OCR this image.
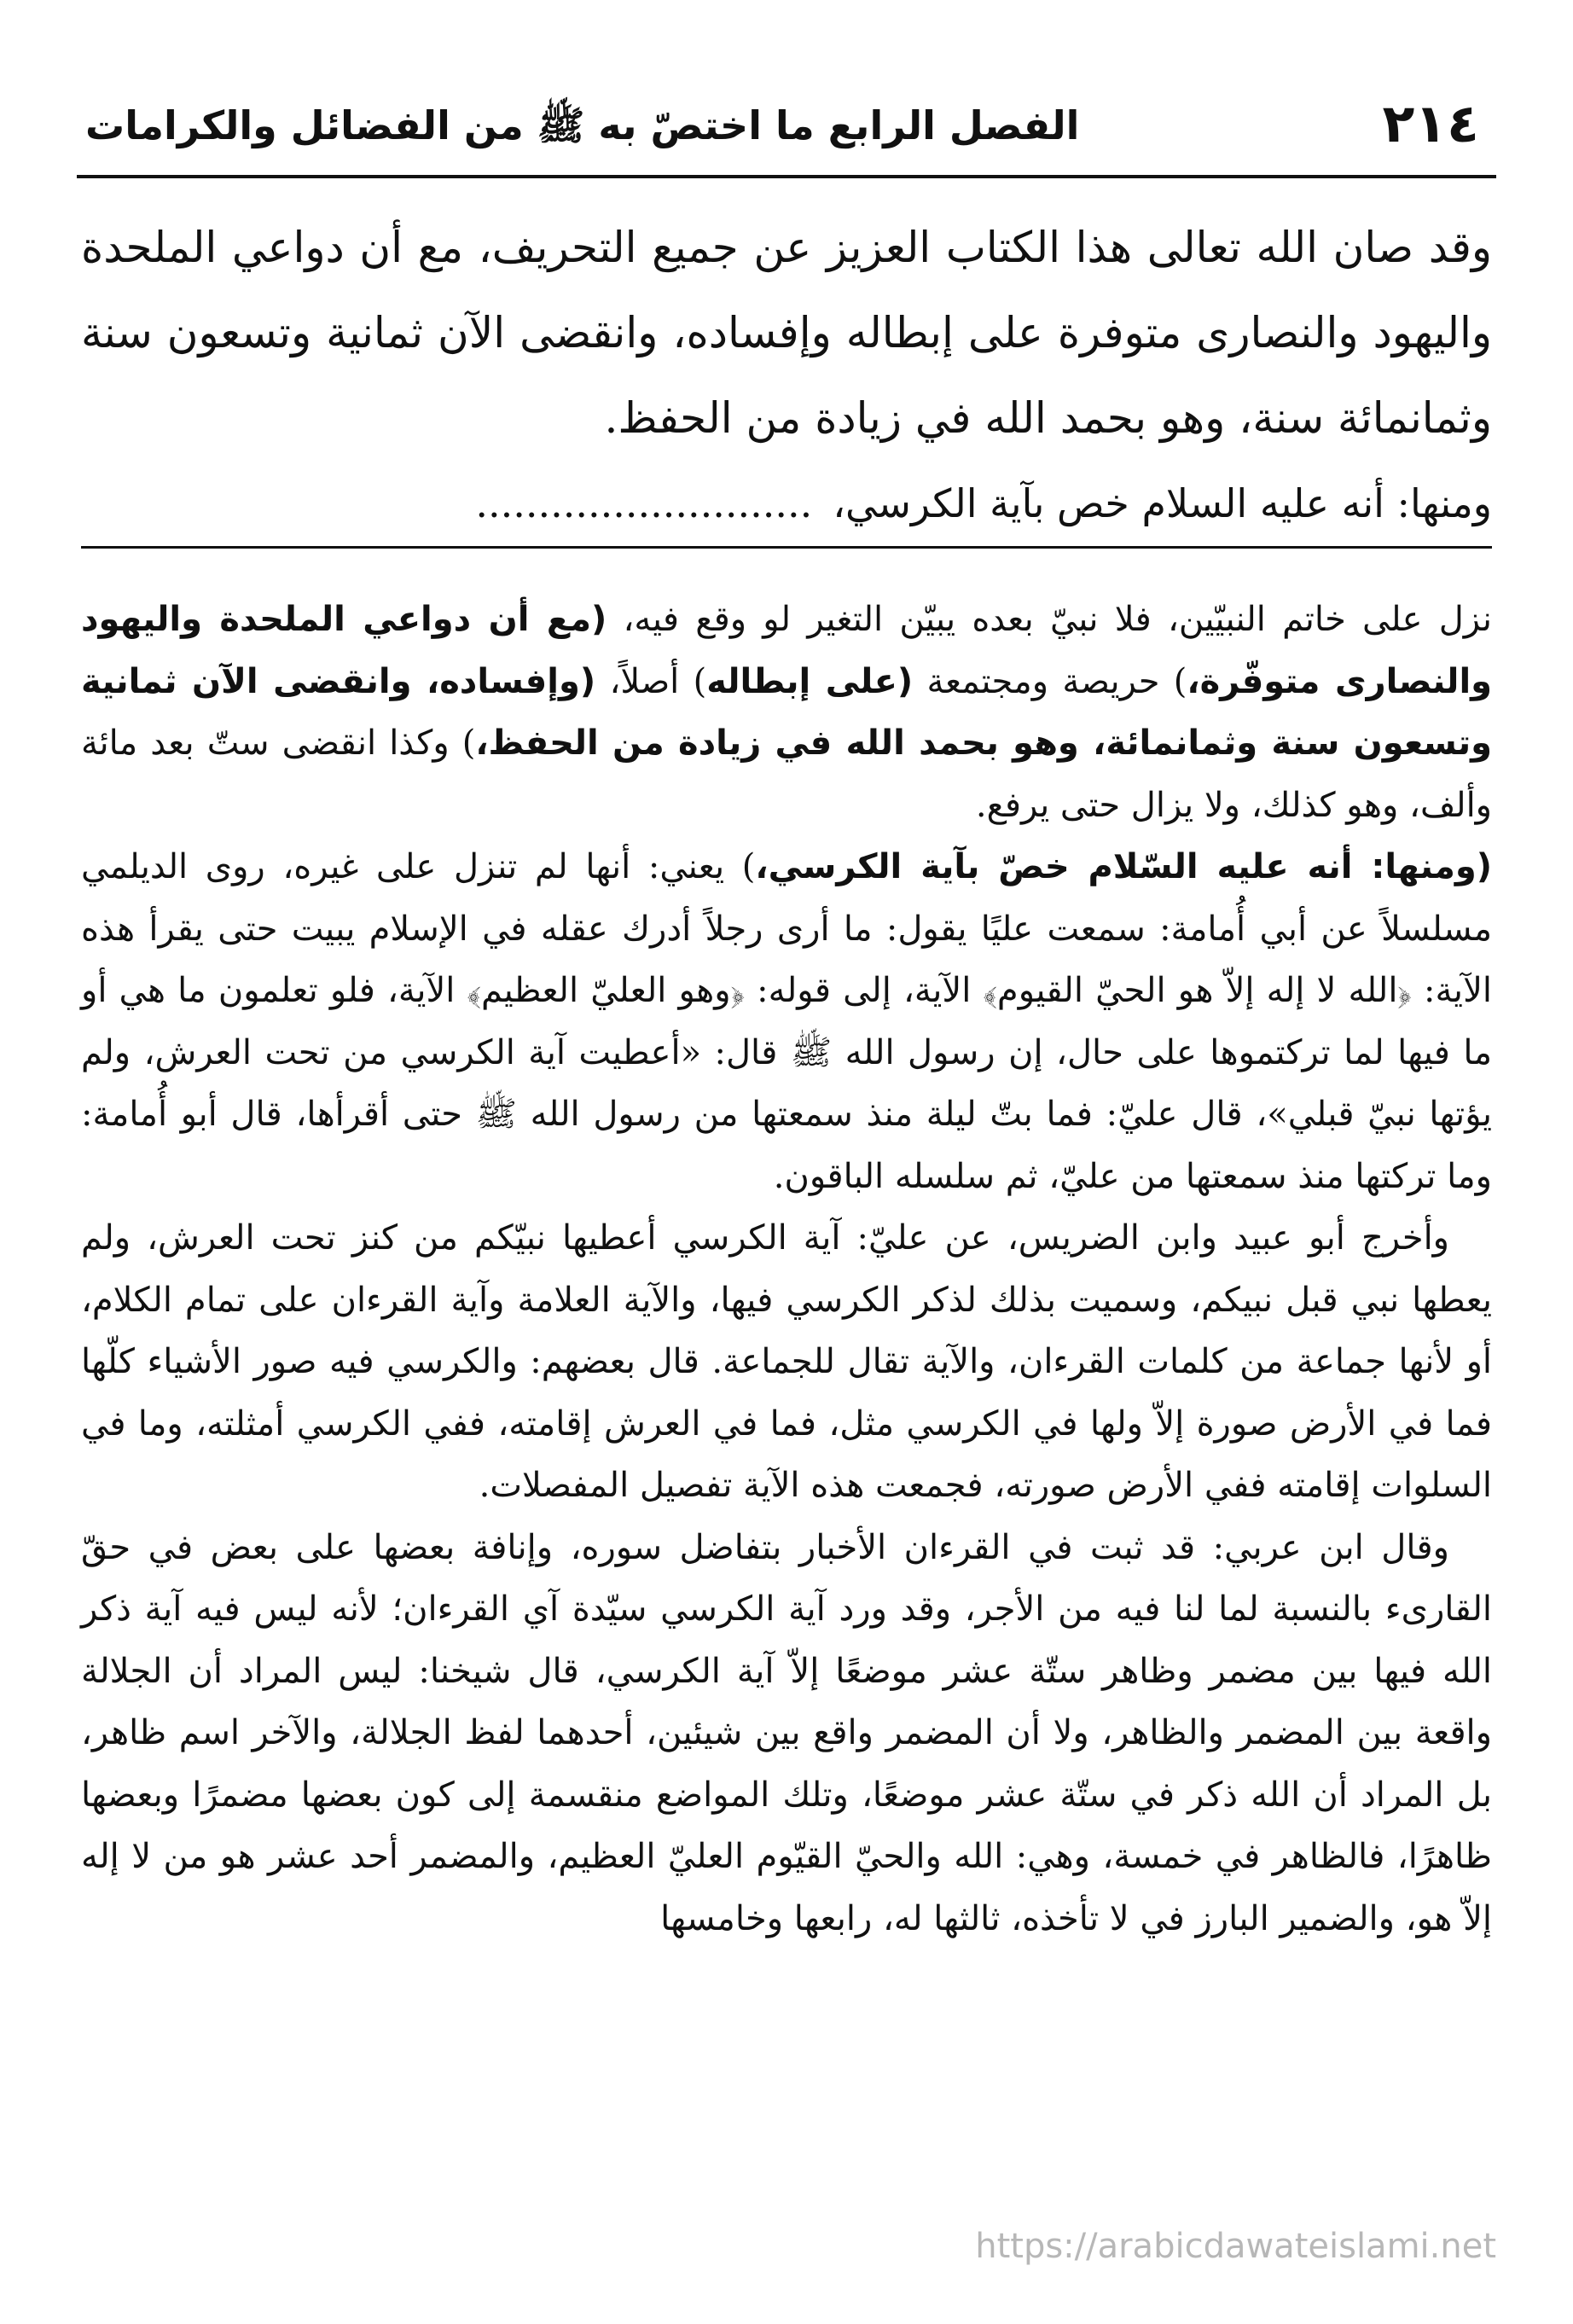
٢١٤
الفصل الرابع ما اختصّ به ﷺ من الفضائل والكرامات

وقد صان الله تعالى هذا الكتاب العزيز عن جميع التحريف، مع أن دواعي الملحدة واليهود والنصارى متوفرة على إبطاله وإفساده، وانقضى الآن ثمانية وتسعون سنة وثمانمائة سنة، وهو بحمد الله في زيادة من الحفظ.

ومنها: أنه عليه السلام خص بآية الكرسي،...........................

نزل على خاتم النبيّين، فلا نبيّ بعده يبيّن التغير لو وقع فيه، (مع أن دواعي الملحدة واليهود والنصارى متوفّرة،) حريصة ومجتمعة (على إبطاله) أصلاً، (وإفساده، وانقضى الآن ثمانية وتسعون سنة وثمانمائة، وهو بحمد الله في زيادة من الحفظ،) وكذا انقضى ستّ بعد مائة وألف، وهو كذلك، ولا يزال حتى يرفع.

(ومنها: أنه عليه السّلام خصّ بآية الكرسي،) يعني: أنها لم تنزل على غيره، روى الديلمي مسلسلاً عن أبي أُمامة: سمعت عليًا يقول: ما أرى رجلاً أدرك عقله في الإسلام يبيت حتى يقرأ هذه الآية: ﴿الله لا إله إلاّ هو الحيّ القيوم﴾ الآية، إلى قوله: ﴿وهو العليّ العظيم﴾ الآية، فلو تعلمون ما هي أو ما فيها لما تركتموها على حال، إن رسول الله ﷺ قال: «أعطيت آية الكرسي من تحت العرش، ولم يؤتها نبيّ قبلي»، قال عليّ: فما بتّ ليلة منذ سمعتها من رسول الله ﷺ حتى أقرأها، قال أبو أُمامة: وما تركتها منذ سمعتها من عليّ، ثم سلسله الباقون.

وأخرج أبو عبيد وابن الضريس، عن عليّ: آية الكرسي أعطيها نبيّكم من كنز تحت العرش، ولم يعطها نبي قبل نبيكم، وسميت بذلك لذكر الكرسي فيها، والآية العلامة وآية القرءان على تمام الكلام، أو لأنها جماعة من كلمات القرءان، والآية تقال للجماعة. قال بعضهم: والكرسي فيه صور الأشياء كلّها فما في الأرض صورة إلاّ ولها في الكرسي مثل، فما في العرش إقامته، ففي الكرسي أمثلته، وما في السلوات إقامته ففي الأرض صورته، فجمعت هذه الآية تفصيل المفصلات.

وقال ابن عربي: قد ثبت في القرءان الأخبار بتفاضل سوره، وإنافة بعضها على بعض في حقّ القارىء بالنسبة لما لنا فيه من الأجر، وقد ورد آية الكرسي سيّدة آي القرءان؛ لأنه ليس فيه آية ذكر الله فيها بين مضمر وظاهر ستّة عشر موضعًا إلاّ آية الكرسي، قال شيخنا: ليس المراد أن الجلالة واقعة بين المضمر والظاهر، ولا أن المضمر واقع بين شيئين، أحدهما لفظ الجلالة، والآخر اسم ظاهر، بل المراد أن الله ذكر في ستّة عشر موضعًا، وتلك المواضع منقسمة إلى كون بعضها مضمرًا وبعضها ظاهرًا، فالظاهر في خمسة، وهي: الله والحيّ القيّوم العليّ العظيم، والمضمر أحد عشر هو من لا إله إلاّ هو، والضمير البارز في لا تأخذه، ثالثها له، رابعها وخامسها

https://arabicdawateislami.net
